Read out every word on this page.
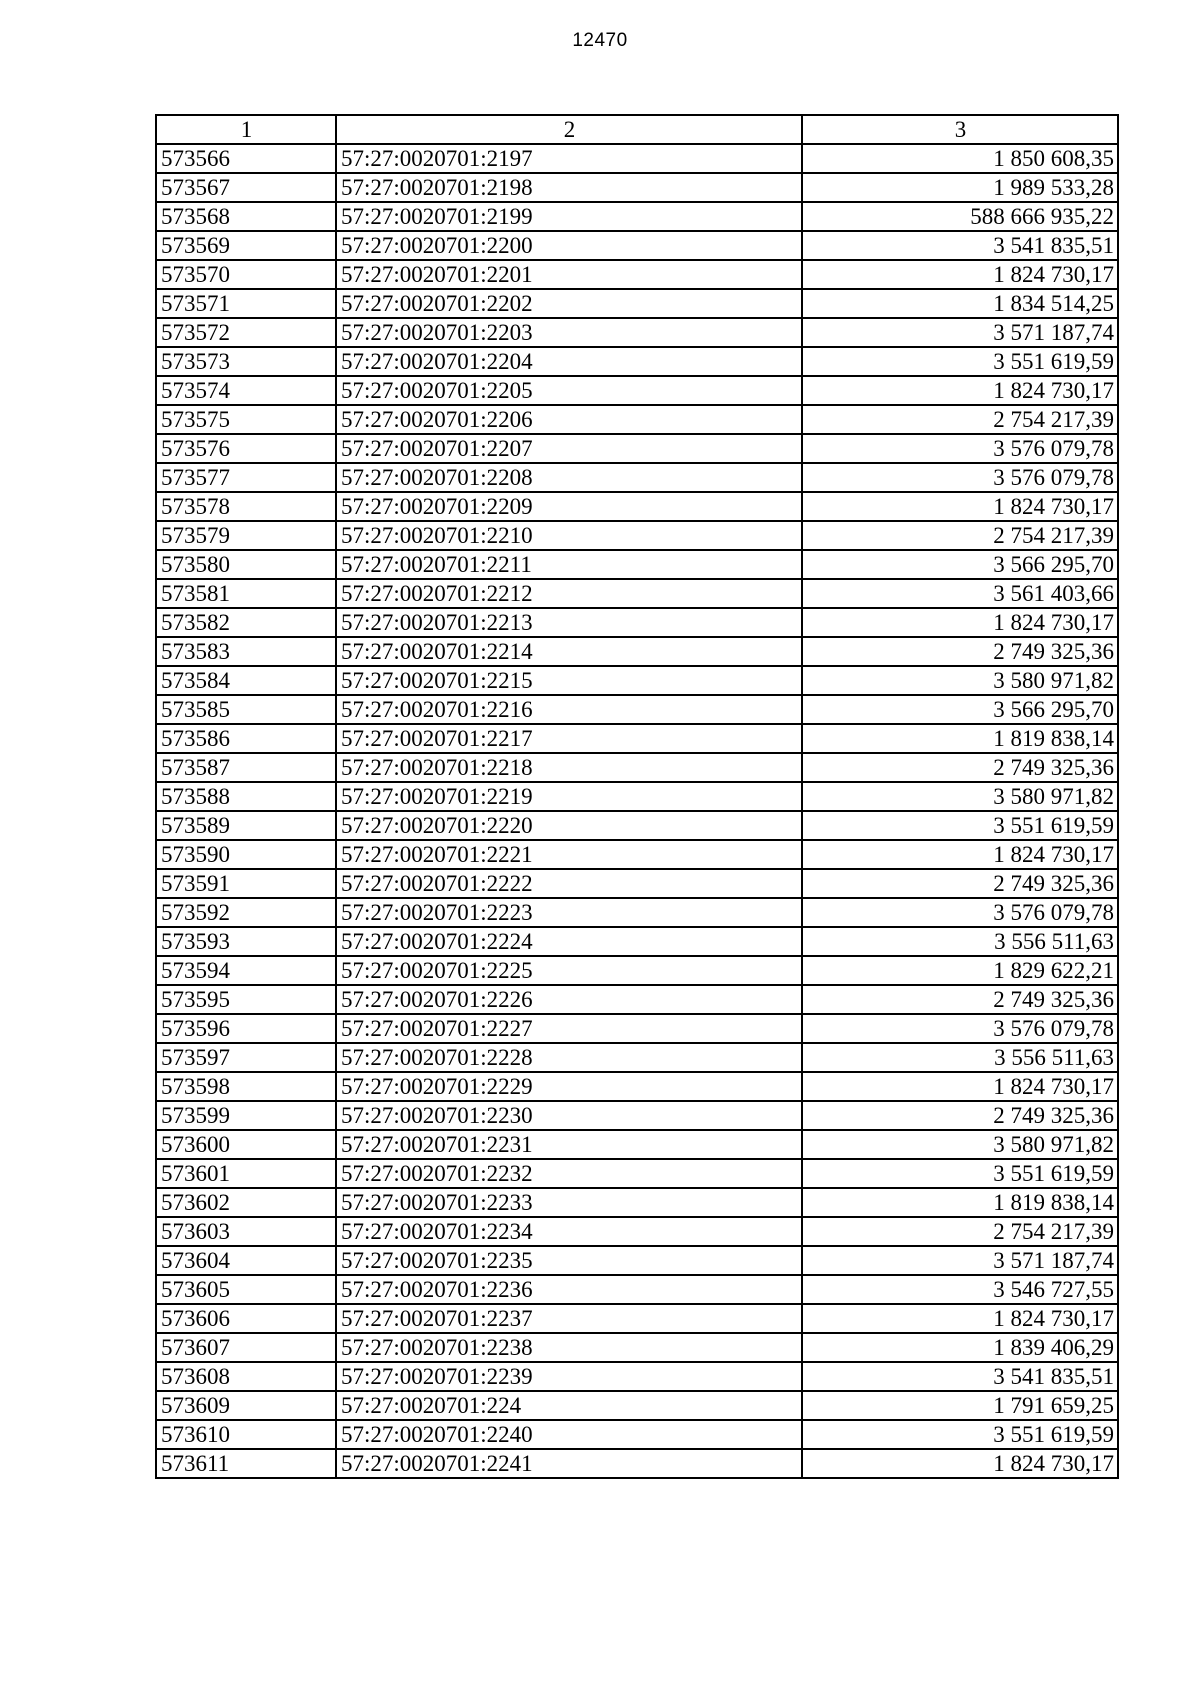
12470
1	2	3
573566	57:27:0020701:2197	1 850 608,35
573567	57:27:0020701:2198	1 989 533,28
573568	57:27:0020701:2199	588 666 935,22
573569	57:27:0020701:2200	3 541 835,51
573570	57:27:0020701:2201	1 824 730,17
573571	57:27:0020701:2202	1 834 514,25
573572	57:27:0020701:2203	3 571 187,74
573573	57:27:0020701:2204	3 551 619,59
573574	57:27:0020701:2205	1 824 730,17
573575	57:27:0020701:2206	2 754 217,39
573576	57:27:0020701:2207	3 576 079,78
573577	57:27:0020701:2208	3 576 079,78
573578	57:27:0020701:2209	1 824 730,17
573579	57:27:0020701:2210	2 754 217,39
573580	57:27:0020701:2211	3 566 295,70
573581	57:27:0020701:2212	3 561 403,66
573582	57:27:0020701:2213	1 824 730,17
573583	57:27:0020701:2214	2 749 325,36
573584	57:27:0020701:2215	3 580 971,82
573585	57:27:0020701:2216	3 566 295,70
573586	57:27:0020701:2217	1 819 838,14
573587	57:27:0020701:2218	2 749 325,36
573588	57:27:0020701:2219	3 580 971,82
573589	57:27:0020701:2220	3 551 619,59
573590	57:27:0020701:2221	1 824 730,17
573591	57:27:0020701:2222	2 749 325,36
573592	57:27:0020701:2223	3 576 079,78
573593	57:27:0020701:2224	3 556 511,63
573594	57:27:0020701:2225	1 829 622,21
573595	57:27:0020701:2226	2 749 325,36
573596	57:27:0020701:2227	3 576 079,78
573597	57:27:0020701:2228	3 556 511,63
573598	57:27:0020701:2229	1 824 730,17
573599	57:27:0020701:2230	2 749 325,36
573600	57:27:0020701:2231	3 580 971,82
573601	57:27:0020701:2232	3 551 619,59
573602	57:27:0020701:2233	1 819 838,14
573603	57:27:0020701:2234	2 754 217,39
573604	57:27:0020701:2235	3 571 187,74
573605	57:27:0020701:2236	3 546 727,55
573606	57:27:0020701:2237	1 824 730,17
573607	57:27:0020701:2238	1 839 406,29
573608	57:27:0020701:2239	3 541 835,51
573609	57:27:0020701:224	1 791 659,25
573610	57:27:0020701:2240	3 551 619,59
573611	57:27:0020701:2241	1 824 730,17
